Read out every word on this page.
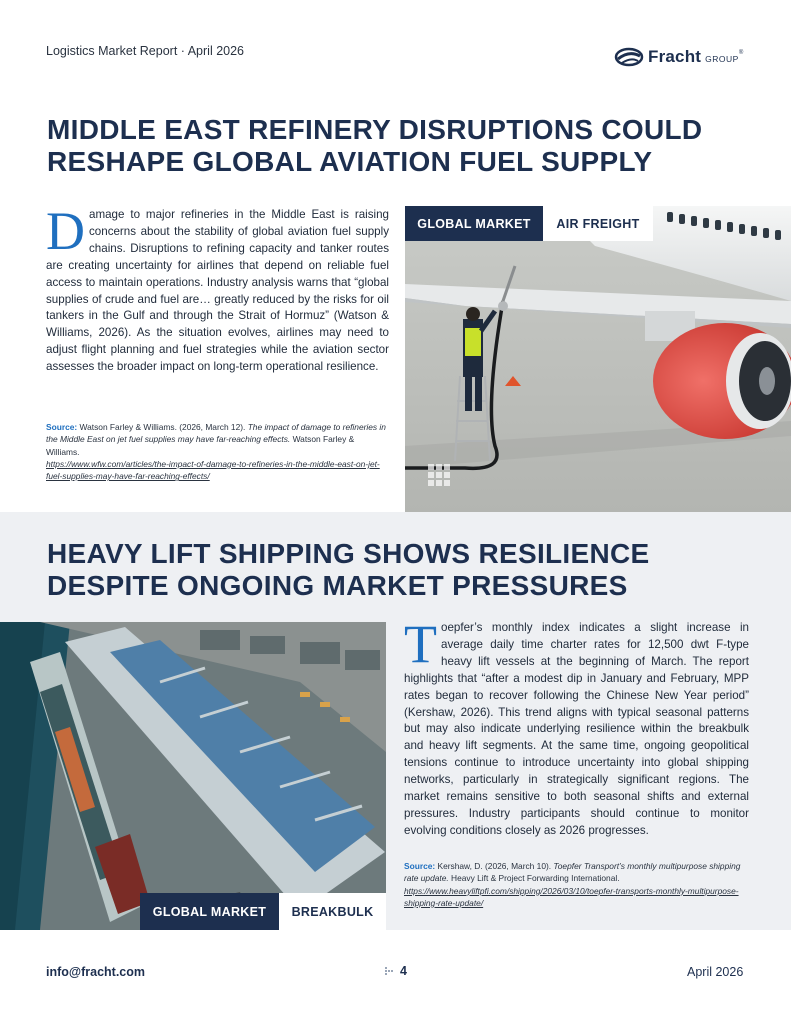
Logistics Market Report · April 2026	Fracht GROUP
®
MIDDLE EAST REFINERY DISRUPTIONS COULD RESHAPE GLOBAL AVIATION FUEL SUPPLY
Damage to major refineries in the Middle East is raising concerns about the stability of global aviation fuel supply chains. Disruptions to refining capacity and tanker routes are creating uncertainty for airlines that depend on reliable fuel access to maintain operations. Industry analysis warns that “global supplies of crude and fuel are… greatly reduced by the risks for oil tankers in the Gulf and through the Strait of Hormuz” (Watson & Williams, 2026). As the situation evolves, airlines may need to adjust flight planning and fuel strategies while the aviation sector assesses the broader impact on long-term operational resilience.
Source: Watson Farley & Williams. (2026, March 12). The impact of damage to refineries in the Middle East on jet fuel supplies may have far-reaching effects. Watson Farley & Williams.
https://www.wfw.com/articles/the-impact-of-damage-to-refineries-in-the-middle-east-on-jet-fuel-supplies-may-have-far-reaching-effects/
GLOBAL MARKET	AIR FREIGHT
HEAVY LIFT SHIPPING SHOWS RESILIENCE DESPITE ONGOING MARKET PRESSURES
GLOBAL MARKET	BREAKBULK
Toepfer’s monthly index indicates a slight increase in average daily time charter rates for 12,500 dwt F-type heavy lift vessels at the beginning of March. The report highlights that “after a modest dip in January and February, MPP rates began to recover following the Chinese New Year period” (Kershaw, 2026). This trend aligns with typical seasonal patterns but may also indicate underlying resilience within the breakbulk and heavy lift segments. At the same time, ongoing geopolitical tensions continue to introduce uncertainty into global shipping networks, particularly in strategically significant regions. The market remains sensitive to both seasonal shifts and external pressures. Industry participants should continue to monitor evolving conditions closely as 2026 progresses.
Source: Kershaw, D. (2026, March 10). Toepfer Transport’s monthly multipurpose shipping rate update. Heavy Lift & Project Forwarding International.
https://www.heavyliftpfi.com/shipping/2026/03/10/toepfer-transports-monthly-multipurpose-shipping-rate-update/
info@fracht.com	4	April 2026
